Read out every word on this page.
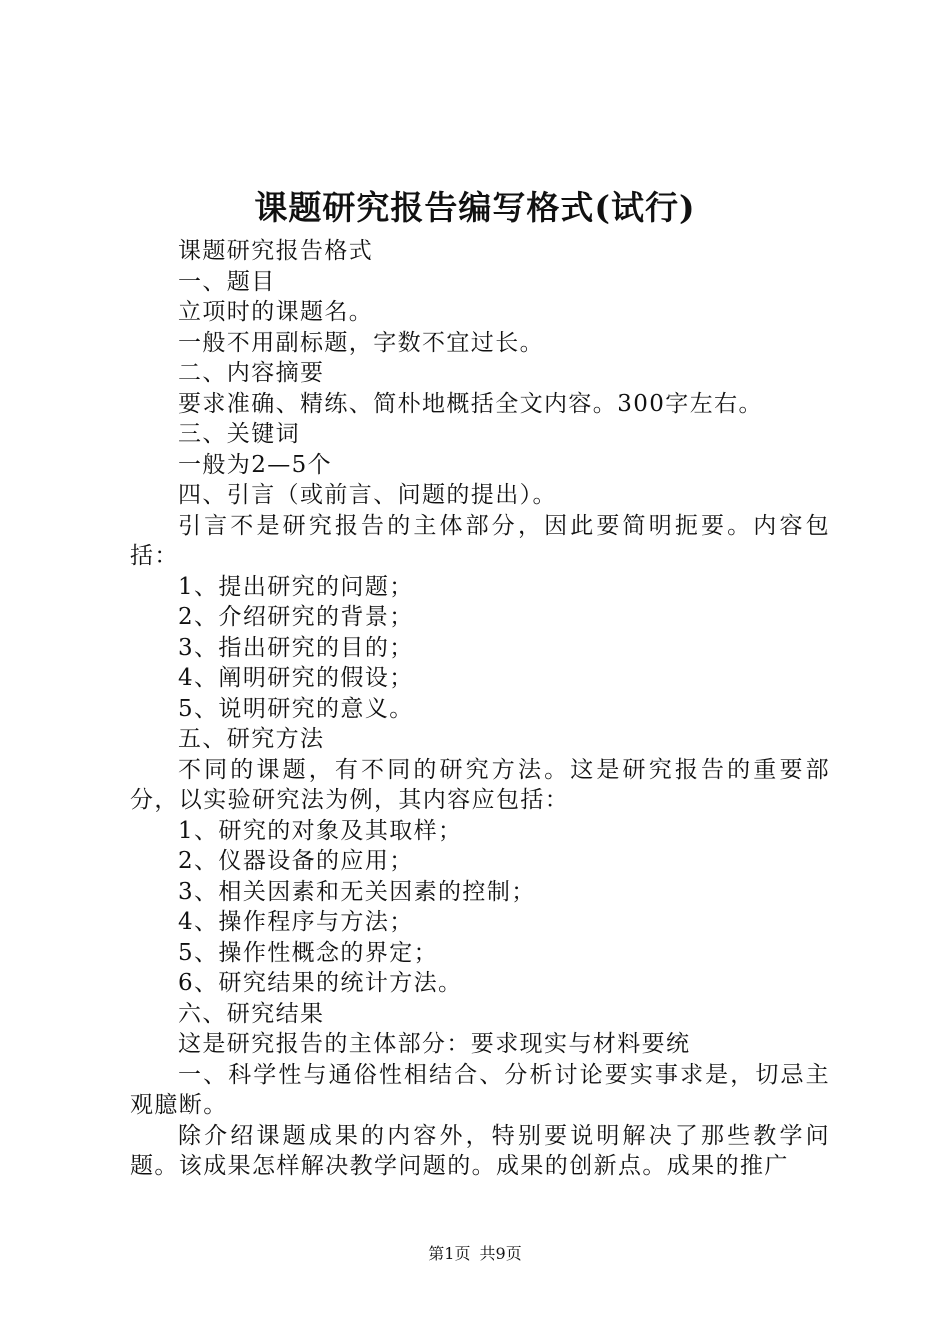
课题研究报告编写格式(试行)

课题研究报告格式

一、题目

立项时的课题名。

一般不用副标题，字数不宜过长。

二、内容摘要

要求准确、精练、简朴地概括全文内容。300字左右。

三、关键词

一般为2—5个

四、引言（或前言、问题的提出）。

引言不是研究报告的主体部分，因此要简明扼要。内容包括：

1、提出研究的问题；

2、介绍研究的背景；

3、指出研究的目的；

4、阐明研究的假设；

5、说明研究的意义。

五、研究方法

不同的课题，有不同的研究方法。这是研究报告的重要部分，以实验研究法为例，其内容应包括：

1、研究的对象及其取样；

2、仪器设备的应用；

3、相关因素和无关因素的控制；

4、操作程序与方法；

5、操作性概念的界定；

6、研究结果的统计方法。

六、研究结果

这是研究报告的主体部分：要求现实与材料要统

一、科学性与通俗性相结合、分析讨论要实事求是，切忌主观臆断。

除介绍课题成果的内容外，特别要说明解决了那些教学问题。该成果怎样解决教学问题的。成果的创新点。成果的推广

第1页 共9页
